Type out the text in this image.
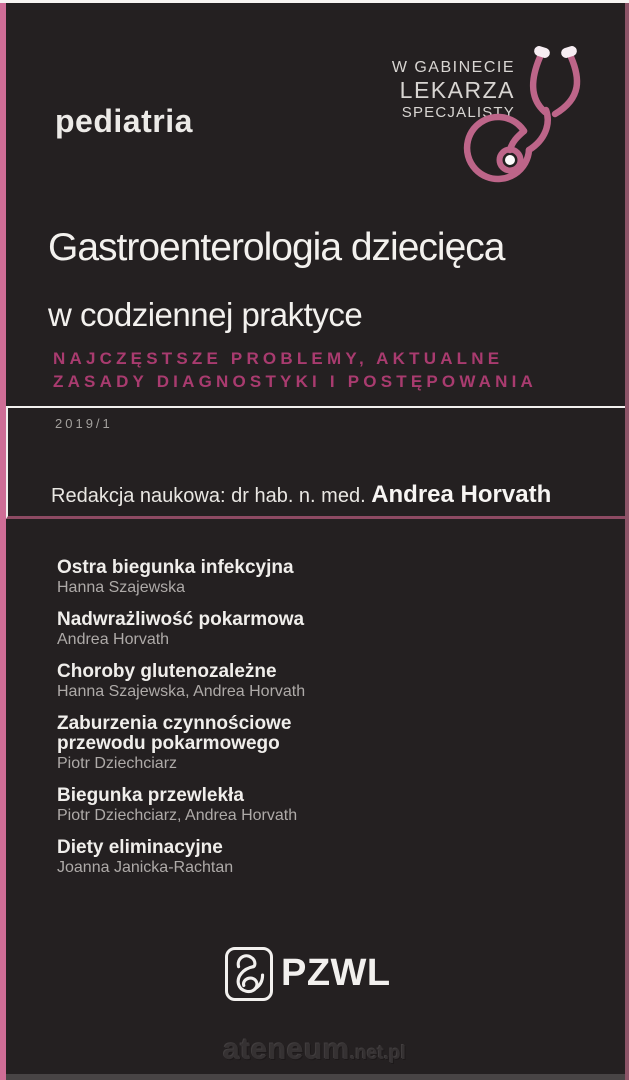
pediatria
W GABINECIE
LEKARZA
SPECJALISTY
Gastroenterologia dziecięca
w codziennej praktyce
NAJCZĘSTSZE PROBLEMY, AKTUALNE
ZASADY DIAGNOSTYKI I POSTĘPOWANIA
2019/1
Redakcja naukowa: dr hab. n. med. Andrea Horvath
Ostra biegunka infekcyjna
Hanna Szajewska
Nadwrażliwość pokarmowa
Andrea Horvath
Choroby glutenozależne
Hanna Szajewska, Andrea Horvath
Zaburzenia czynnościowe przewodu pokarmowego
Piotr Dziechciarz
Biegunka przewlekła
Piotr Dziechciarz, Andrea Horvath
Diety eliminacyjne
Joanna Janicka-Rachtan
PZWL
ateneum.net.pl
